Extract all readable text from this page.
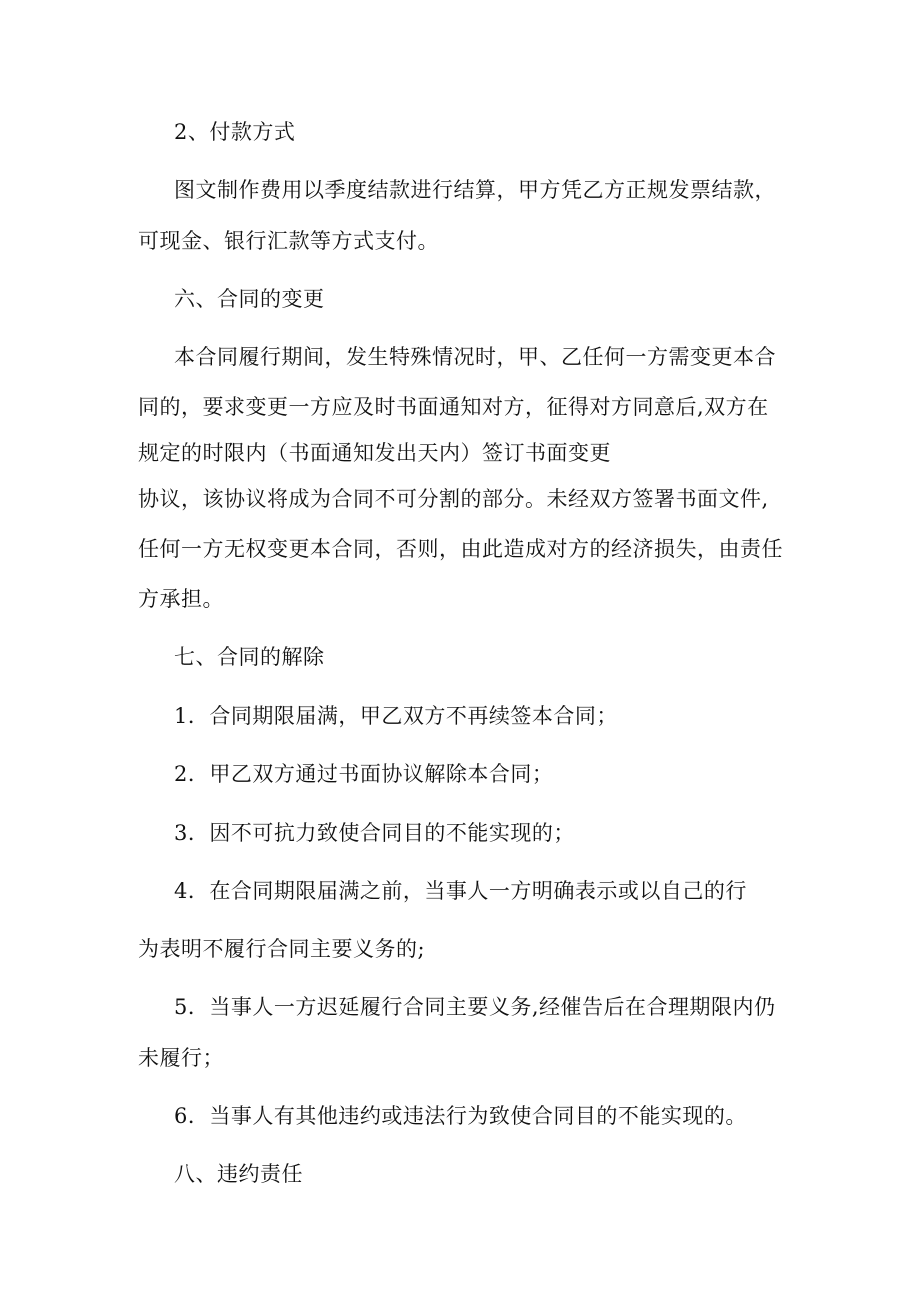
2、付款方式
图文制作费用以季度结款进行结算，甲方凭乙方正规发票结款，
可现金、银行汇款等方式支付。
六、合同的变更
本合同履行期间，发生特殊情况时，甲、乙任何一方需变更本合
同的，要求变更一方应及时书面通知对方，征得对方同意后,双方在
规定的时限内（书面通知发出天内）签订书面变更
协议，该协议将成为合同不可分割的部分。未经双方签署书面文件,
任何一方无权变更本合同，否则，由此造成对方的经济损失，由责任
方承担。
七、合同的解除
1．合同期限届满，甲乙双方不再续签本合同；
2．甲乙双方通过书面协议解除本合同；
3．因不可抗力致使合同目的不能实现的；
4．在合同期限届满之前，当事人一方明确表示或以自己的行
为表明不履行合同主要义务的;
5．当事人一方迟延履行合同主要义务,经催告后在合理期限内仍
未履行；
6．当事人有其他违约或违法行为致使合同目的不能实现的。
八、违约责任
